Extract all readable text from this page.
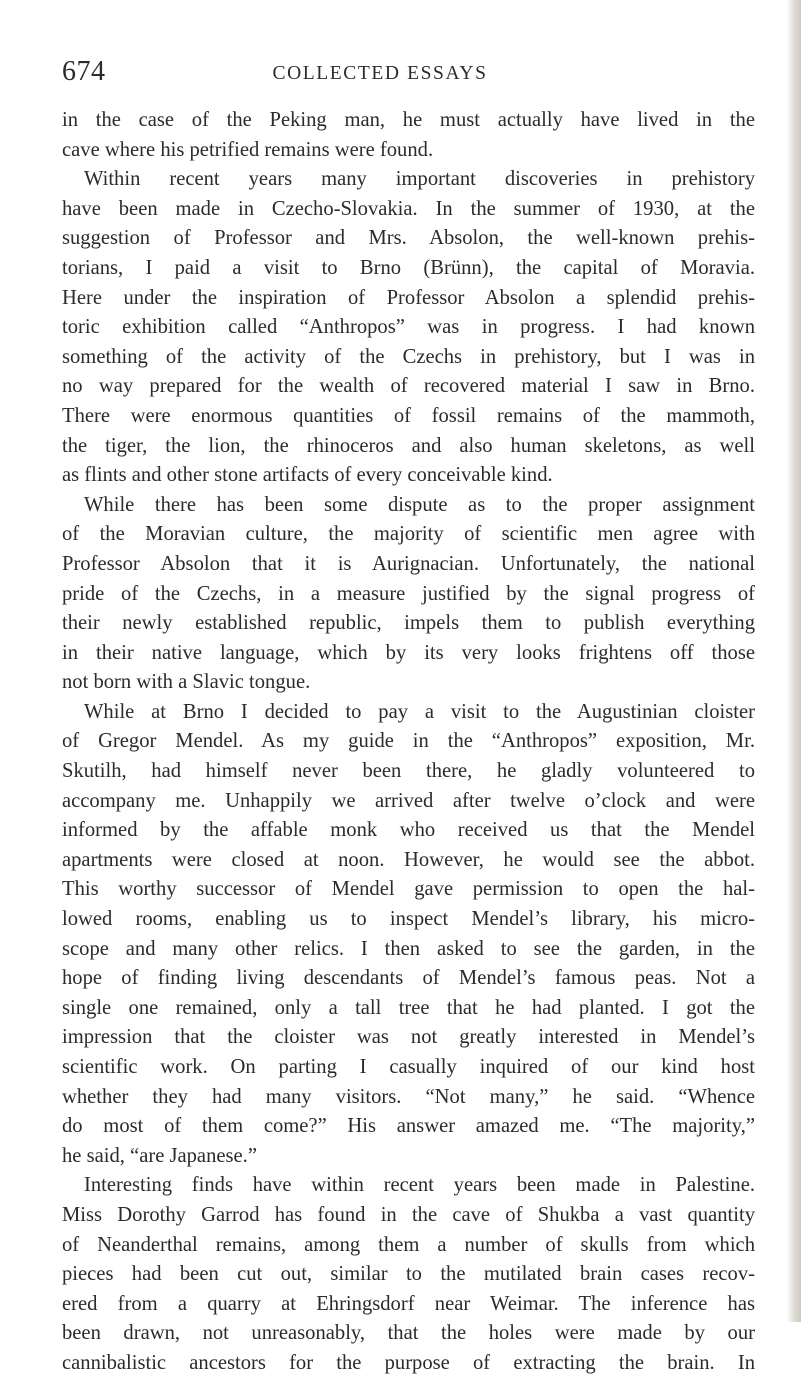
674	COLLECTED ESSAYS
in the case of the Peking man, he must actually have lived in the
cave where his petrified remains were found.
Within recent years many important discoveries in prehistory
have been made in Czecho-Slovakia. In the summer of 1930, at the
suggestion of Professor and Mrs. Absolon, the well-known prehis-
torians, I paid a visit to Brno (Brünn), the capital of Moravia.
Here under the inspiration of Professor Absolon a splendid prehis-
toric exhibition called “Anthropos” was in progress. I had known
something of the activity of the Czechs in prehistory, but I was in
no way prepared for the wealth of recovered material I saw in Brno.
There were enormous quantities of fossil remains of the mammoth,
the tiger, the lion, the rhinoceros and also human skeletons, as well
as flints and other stone artifacts of every conceivable kind.
While there has been some dispute as to the proper assignment
of the Moravian culture, the majority of scientific men agree with
Professor Absolon that it is Aurignacian. Unfortunately, the national
pride of the Czechs, in a measure justified by the signal progress of
their newly established republic, impels them to publish everything
in their native language, which by its very looks frightens off those
not born with a Slavic tongue.
While at Brno I decided to pay a visit to the Augustinian cloister
of Gregor Mendel. As my guide in the “Anthropos” exposition, Mr.
Skutilh, had himself never been there, he gladly volunteered to
accompany me. Unhappily we arrived after twelve o’clock and were
informed by the affable monk who received us that the Mendel
apartments were closed at noon. However, he would see the abbot.
This worthy successor of Mendel gave permission to open the hal-
lowed rooms, enabling us to inspect Mendel’s library, his micro-
scope and many other relics. I then asked to see the garden, in the
hope of finding living descendants of Mendel’s famous peas. Not a
single one remained, only a tall tree that he had planted. I got the
impression that the cloister was not greatly interested in Mendel’s
scientific work. On parting I casually inquired of our kind host
whether they had many visitors. “Not many,” he said. “Whence
do most of them come?” His answer amazed me. “The majority,”
he said, “are Japanese.”
Interesting finds have within recent years been made in Palestine.
Miss Dorothy Garrod has found in the cave of Shukba a vast quantity
of Neanderthal remains, among them a number of skulls from which
pieces had been cut out, similar to the mutilated brain cases recov-
ered from a quarry at Ehringsdorf near Weimar. The inference has
been drawn, not unreasonably, that the holes were made by our
cannibalistic ancestors for the purpose of extracting the brain. In
